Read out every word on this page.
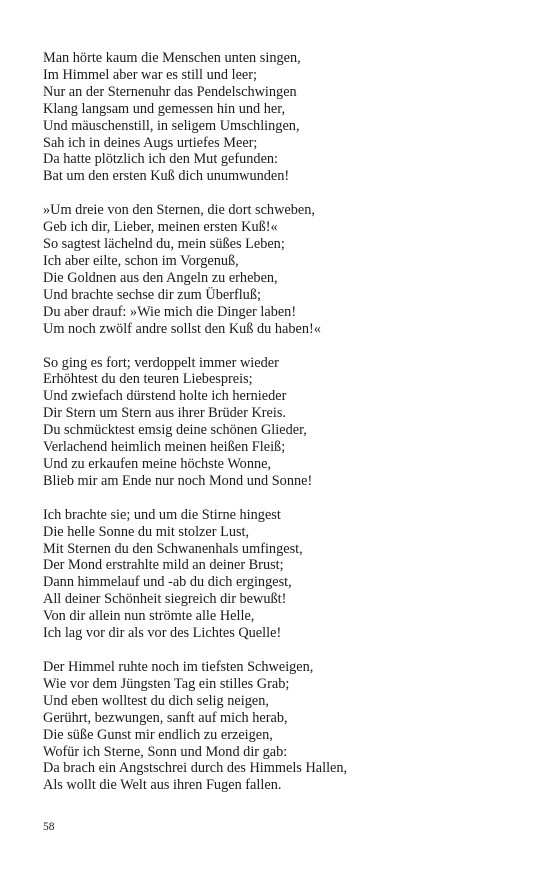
Man hörte kaum die Menschen unten singen,
Im Himmel aber war es still und leer;
Nur an der Sternenuhr das Pendelschwingen
Klang langsam und gemessen hin und her,
Und mäuschenstill, in seligem Umschlingen,
Sah ich in deines Augs urtiefes Meer;
Da hatte plötzlich ich den Mut gefunden:
Bat um den ersten Kuß dich unumwunden!
»Um dreie von den Sternen, die dort schweben,
Geb ich dir, Lieber, meinen ersten Kuß!«
So sagtest lächelnd du, mein süßes Leben;
Ich aber eilte, schon im Vorgenuß,
Die Goldnen aus den Angeln zu erheben,
Und brachte sechse dir zum Überfluß;
Du aber drauf: »Wie mich die Dinger laben!
Um noch zwölf andre sollst den Kuß du haben!«
So ging es fort; verdoppelt immer wieder
Erhöhtest du den teuren Liebespreis;
Und zwiefach dürstend holte ich hernieder
Dir Stern um Stern aus ihrer Brüder Kreis.
Du schmücktest emsig deine schönen Glieder,
Verlachend heimlich meinen heißen Fleiß;
Und zu erkaufen meine höchste Wonne,
Blieb mir am Ende nur noch Mond und Sonne!
Ich brachte sie; und um die Stirne hingest
Die helle Sonne du mit stolzer Lust,
Mit Sternen du den Schwanenhals umfingest,
Der Mond erstrahlte mild an deiner Brust;
Dann himmelauf und -ab du dich ergingest,
All deiner Schönheit siegreich dir bewußt!
Von dir allein nun strömte alle Helle,
Ich lag vor dir als vor des Lichtes Quelle!
Der Himmel ruhte noch im tiefsten Schweigen,
Wie vor dem Jüngsten Tag ein stilles Grab;
Und eben wolltest du dich selig neigen,
Gerührt, bezwungen, sanft auf mich herab,
Die süße Gunst mir endlich zu erzeigen,
Wofür ich Sterne, Sonn und Mond dir gab:
Da brach ein Angstschrei durch des Himmels Hallen,
Als wollt die Welt aus ihren Fugen fallen.
58
